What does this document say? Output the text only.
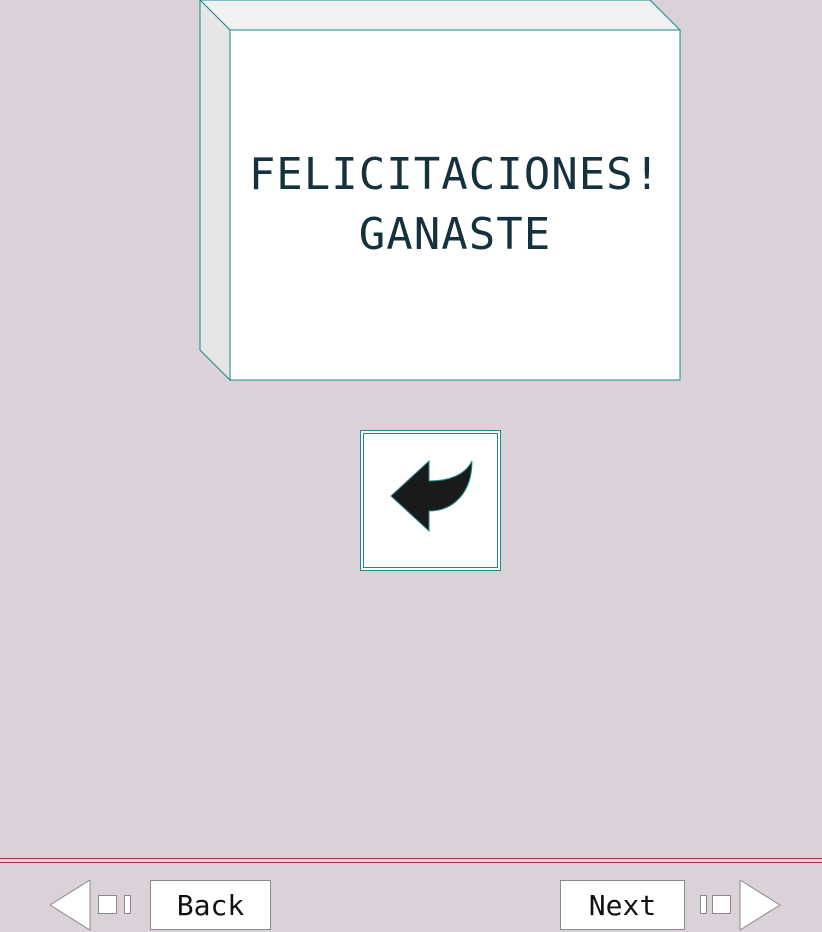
FELICITACIONES!
GANASTE
Back	Next
